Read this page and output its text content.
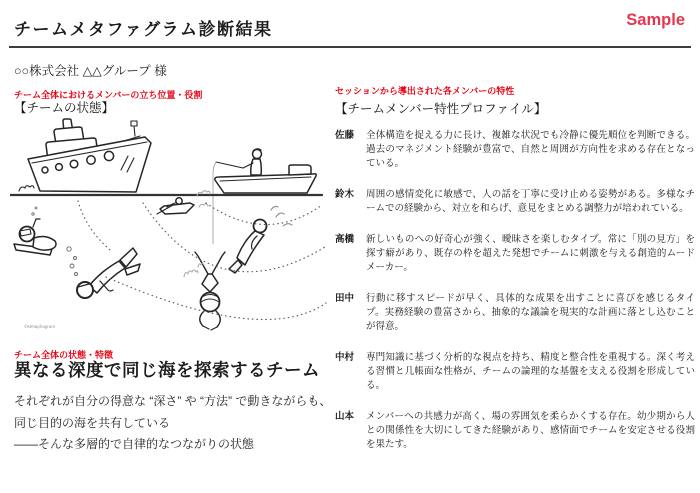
チームメタファグラム診断結果	Sample
○○株式会社 △△グループ 様
チーム全体におけるメンバーの立ち位置・役割
【チームの状態】
©Metaphagram
チーム全体の状態・特徴
異なる深度で同じ海を探索するチーム
それぞれが自分の得意な “深さ” や “方法” で動きながらも、
同じ目的の海を共有している
――そんな多層的で自律的なつながりの状態
セッションから導出された各メンバーの特性
【チームメンバー特性プロファイル】
佐藤	全体構造を捉える力に長け、複雑な状況でも冷静に優先順位を判断できる。過去のマネジメント経験が豊富で、自然と周囲が方向性を求める存在となっている。
鈴木	周囲の感情変化に敏感で、人の話を丁寧に受け止める姿勢がある。多様なチームでの経験から、対立を和らげ、意見をまとめる調整力が培われている。
高橋	新しいものへの好奇心が強く、曖昧さを楽しむタイプ。常に「別の見方」を探す癖があり、既存の枠を超えた発想でチームに刺激を与える創造的ムードメーカー。
田中	行動に移すスピードが早く、具体的な成果を出すことに喜びを感じるタイプ。実務経験の豊富さから、抽象的な議論を現実的な計画に落とし込むことが得意。
中村	専門知識に基づく分析的な視点を持ち、精度と整合性を重視する。深く考える習慣と几帳面な性格が、チームの論理的な基盤を支える役割を形成している。
山本	メンバーへの共感力が高く、場の雰囲気を柔らかくする存在。幼少期から人との関係性を大切にしてきた経験があり、感情面でチームを安定させる役割を果たす。
